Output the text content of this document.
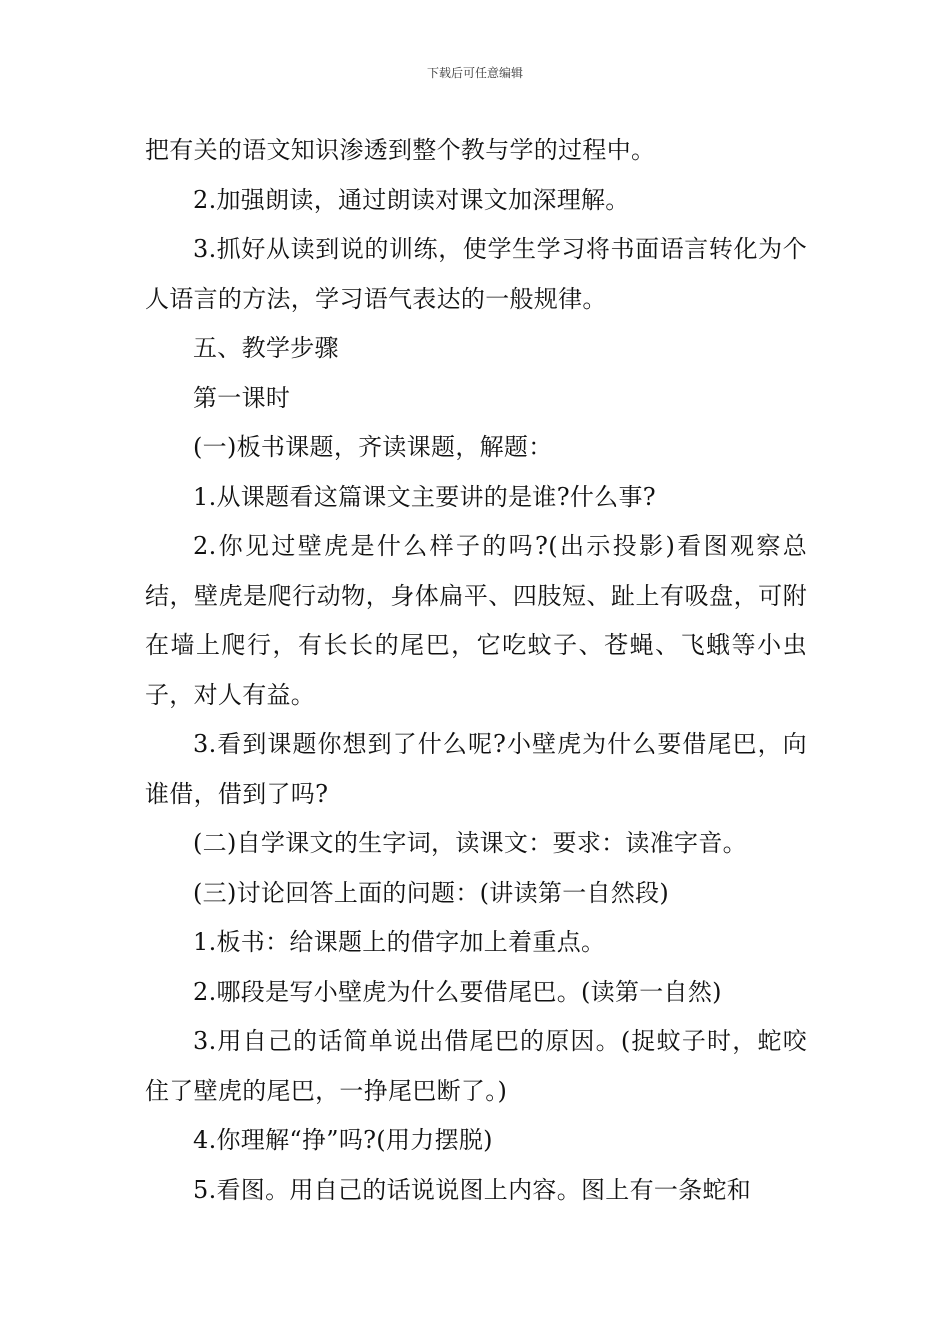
下载后可任意编辑

把有关的语文知识渗透到整个教与学的过程中。

2.加强朗读，通过朗读对课文加深理解。

3.抓好从读到说的训练，使学生学习将书面语言转化为个人语言的方法，学习语气表达的一般规律。

五、教学步骤

第一课时

(一)板书课题，齐读课题，解题：

1.从课题看这篇课文主要讲的是谁?什么事?

2.你见过壁虎是什么样子的吗?(出示投影)看图观察总结，壁虎是爬行动物，身体扁平、四肢短、趾上有吸盘，可附在墙上爬行，有长长的尾巴，它吃蚊子、苍蝇、飞蛾等小虫子，对人有益。

3.看到课题你想到了什么呢?小壁虎为什么要借尾巴，向谁借，借到了吗?

(二)自学课文的生字词，读课文：要求：读准字音。

(三)讨论回答上面的问题：(讲读第一自然段)

1.板书：给课题上的借字加上着重点。

2.哪段是写小壁虎为什么要借尾巴。(读第一自然)

3.用自己的话简单说出借尾巴的原因。(捉蚊子时，蛇咬住了壁虎的尾巴，一挣尾巴断了。)

4.你理解“挣”吗?(用力摆脱)

5.看图。用自己的话说说图上内容。图上有一条蛇和
